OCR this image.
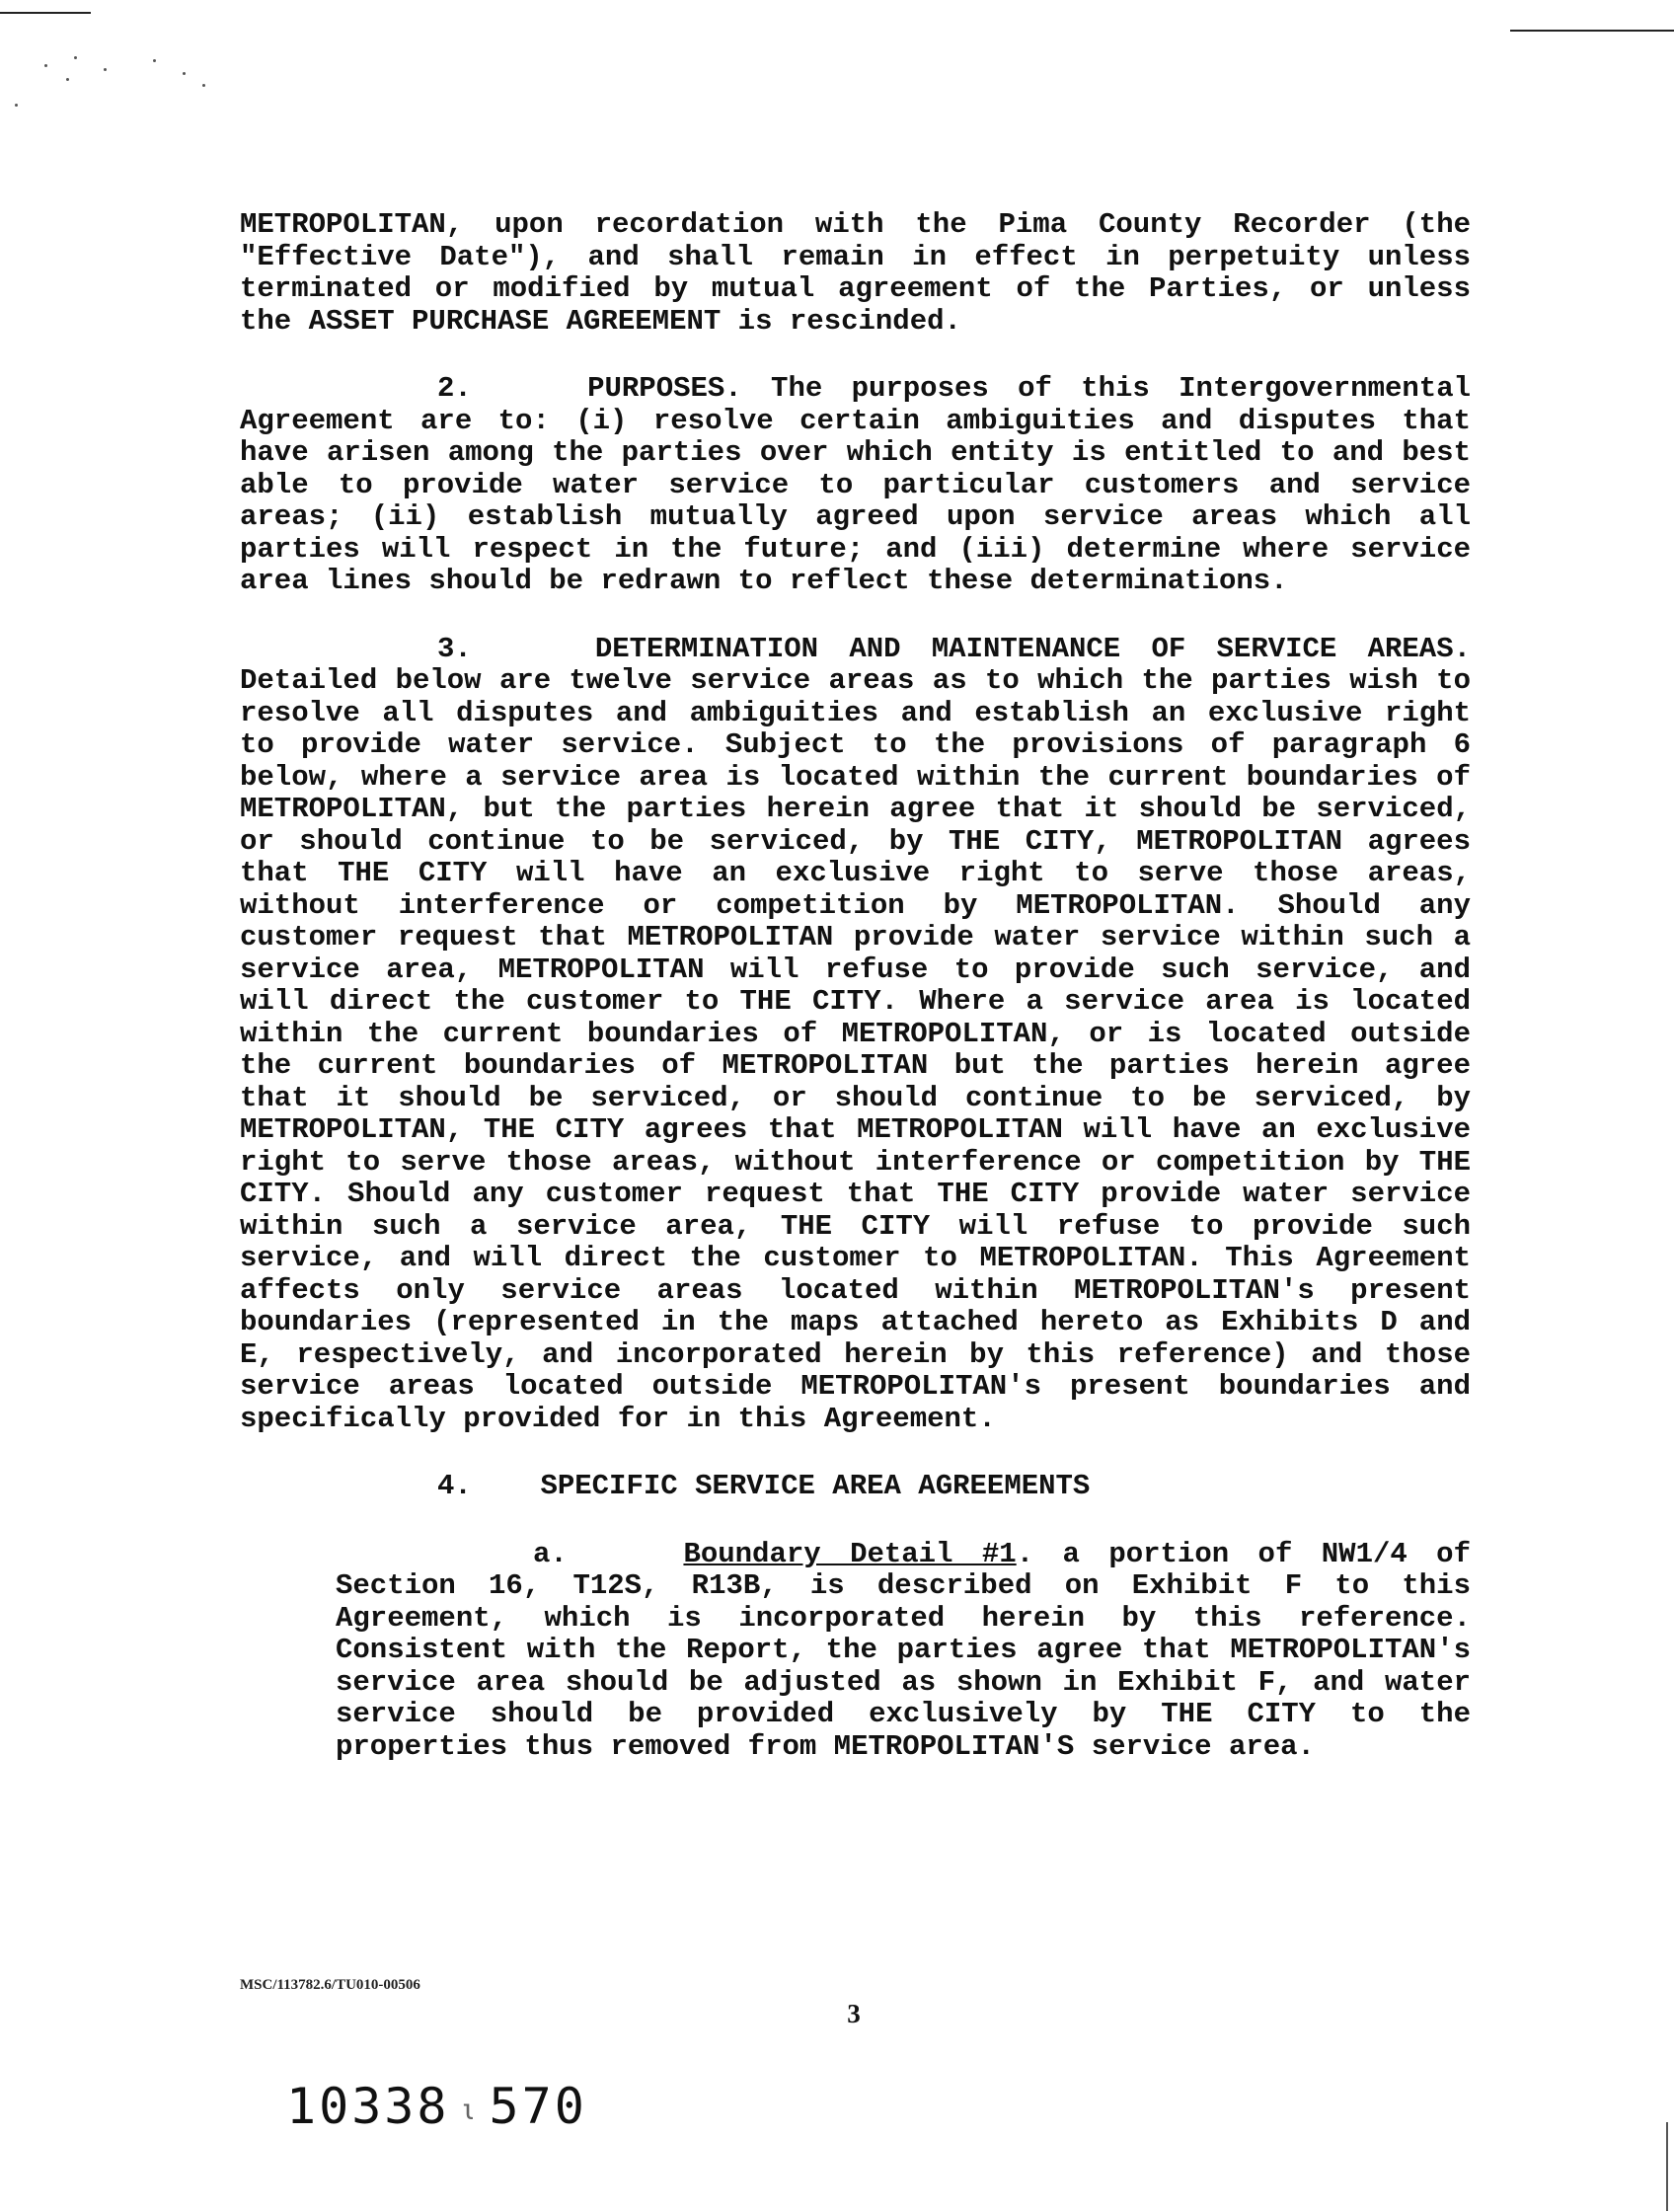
METROPOLITAN, upon recordation with the Pima County Recorder (the "Effective Date"), and shall remain in effect in perpetuity unless terminated or modified by mutual agreement of the Parties, or unless the ASSET PURCHASE AGREEMENT is rescinded.

2.	PURPOSES. The purposes of this Intergovernmental Agreement are to: (i) resolve certain ambiguities and disputes that have arisen among the parties over which entity is entitled to and best able to provide water service to particular customers and service areas; (ii) establish mutually agreed upon service areas which all parties will respect in the future; and (iii) determine where service area lines should be redrawn to reflect these determinations.

3.	DETERMINATION AND MAINTENANCE OF SERVICE AREAS. Detailed below are twelve service areas as to which the parties wish to resolve all disputes and ambiguities and establish an exclusive right to provide water service. Subject to the provisions of paragraph 6 below, where a service area is located within the current boundaries of METROPOLITAN, but the parties herein agree that it should be serviced, or should continue to be serviced, by THE CITY, METROPOLITAN agrees that THE CITY will have an exclusive right to serve those areas, without interference or competition by METROPOLITAN. Should any customer request that METROPOLITAN provide water service within such a service area, METROPOLITAN will refuse to provide such service, and will direct the customer to THE CITY. Where a service area is located within the current boundaries of METROPOLITAN, or is located outside the current boundaries of METROPOLITAN but the parties herein agree that it should be serviced, or should continue to be serviced, by METROPOLITAN, THE CITY agrees that METROPOLITAN will have an exclusive right to serve those areas, without interference or competition by THE CITY. Should any customer request that THE CITY provide water service within such a service area, THE CITY will refuse to provide such service, and will direct the customer to METROPOLITAN. This Agreement affects only service areas located within METROPOLITAN's present boundaries (represented in the maps attached hereto as Exhibits D and E, respectively, and incorporated herein by this reference) and those service areas located outside METROPOLITAN's present boundaries and specifically provided for in this Agreement.

4. SPECIFIC SERVICE AREA AGREEMENTS

a.	Boundary Detail #1. a portion of NW1/4 of Section 16, T12S, R13B, is described on Exhibit F to this Agreement, which is incorporated herein by this reference. Consistent with the Report, the parties agree that METROPOLITAN's service area should be adjusted as shown in Exhibit F, and water service should be provided exclusively by THE CITY to the properties thus removed from METROPOLITAN'S service area.

MSC/113782.6/TU010-00506
3
10338 ι 570
